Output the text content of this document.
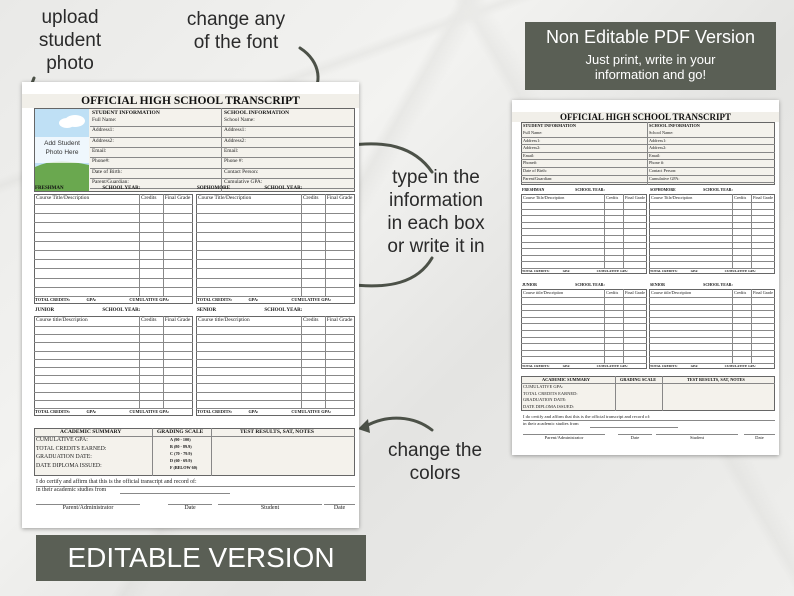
upload
student
photo
change any
of the font
type in the
information
in each box
or write it in
change the
colors
EDITABLE VERSION
Non Editable PDF Version
Just print, write in your
information and go!
OFFICIAL HIGH SCHOOL TRANSCRIPT
Add Student
Photo Here
STUDENT INFORMATION	SCHOOL INFORMATION
Full Name:	School Name:
Address1:	Address1:
Address2:	Address2:
Email:	Email:
Phone#:	Phone #:
Date of Birth:	Contact Person:
Parent/Guardian:	Cumulative GPA:
FRESHMAN	SCHOOL YEAR:
Course Title/Description	Credits Final Grade
TOTAL CREDITS:	GPA:	CUMULATIVE GPA:
SOPHOMORE	SCHOOL YEAR:
Course Title/Description	Credits Final Grade
TOTAL CREDITS:	GPA:	CUMULATIVE GPA:
JUNIOR	SCHOOL YEAR:
Course title/Description	Credits Final Grade
TOTAL CREDITS:	GPA:	CUMULATIVE GPA:
SENIOR	SCHOOL YEAR:
Course title/Description	Credits Final Grade
TOTAL CREDITS:	GPA:	CUMULATIVE GPA:
ACADEMIC SUMMARY	GRADING SCALE	TEST RESULTS, SAT, NOTES
CUMULATIVE GPA:
TOTAL CREDITS EARNED:
GRADUATION DATE:
DATE DIPLOMA ISSUED:
A (90 - 100)
B (80 - 89.9)
C (70 - 79.9)
D (60 - 69.9)
F (BELOW 60)
I do certify and affirm that this is the official transcript and record of:
in their academic studies from
Parent/Administrator	Date	Student	Date
OFFICIAL HIGH SCHOOL TRANSCRIPT
STUDENT INFORMATION	SCHOOL INFORMATION
Full Name:	School Name:
Address1:	Address1:
Address2:	Address2:
Email:	Email:
Phone#:	Phone #:
Date of Birth:	Contact Person:
Parent/Guardian:	Cumulative GPA:
FRESHMAN	SCHOOL YEAR:
Course Title/Description	Credits Final Grade
TOTAL CREDITS:	GPA:	CUMULATIVE GPA:
SOPHOMORE	SCHOOL YEAR:
Course Title/Description	Credits Final Grade
TOTAL CREDITS:	GPA:	CUMULATIVE GPA:
JUNIOR	SCHOOL YEAR:
Course title/Description	Credits Final Grade
TOTAL CREDITS:	GPA:	CUMULATIVE GPA:
SENIOR	SCHOOL YEAR:
Course title/Description	Credits Final Grade
TOTAL CREDITS:	GPA:	CUMULATIVE GPA:
ACADEMIC SUMMARY	GRADING SCALE	TEST RESULTS, SAT, NOTES
CUMULATIVE GPA:
TOTAL CREDITS EARNED:
GRADUATION DATE:
DATE DIPLOMA ISSUED:
I do certify and affirm that this is the official transcript and record of:
in their academic studies from
Parent/Administrator	Date	Student	Date
